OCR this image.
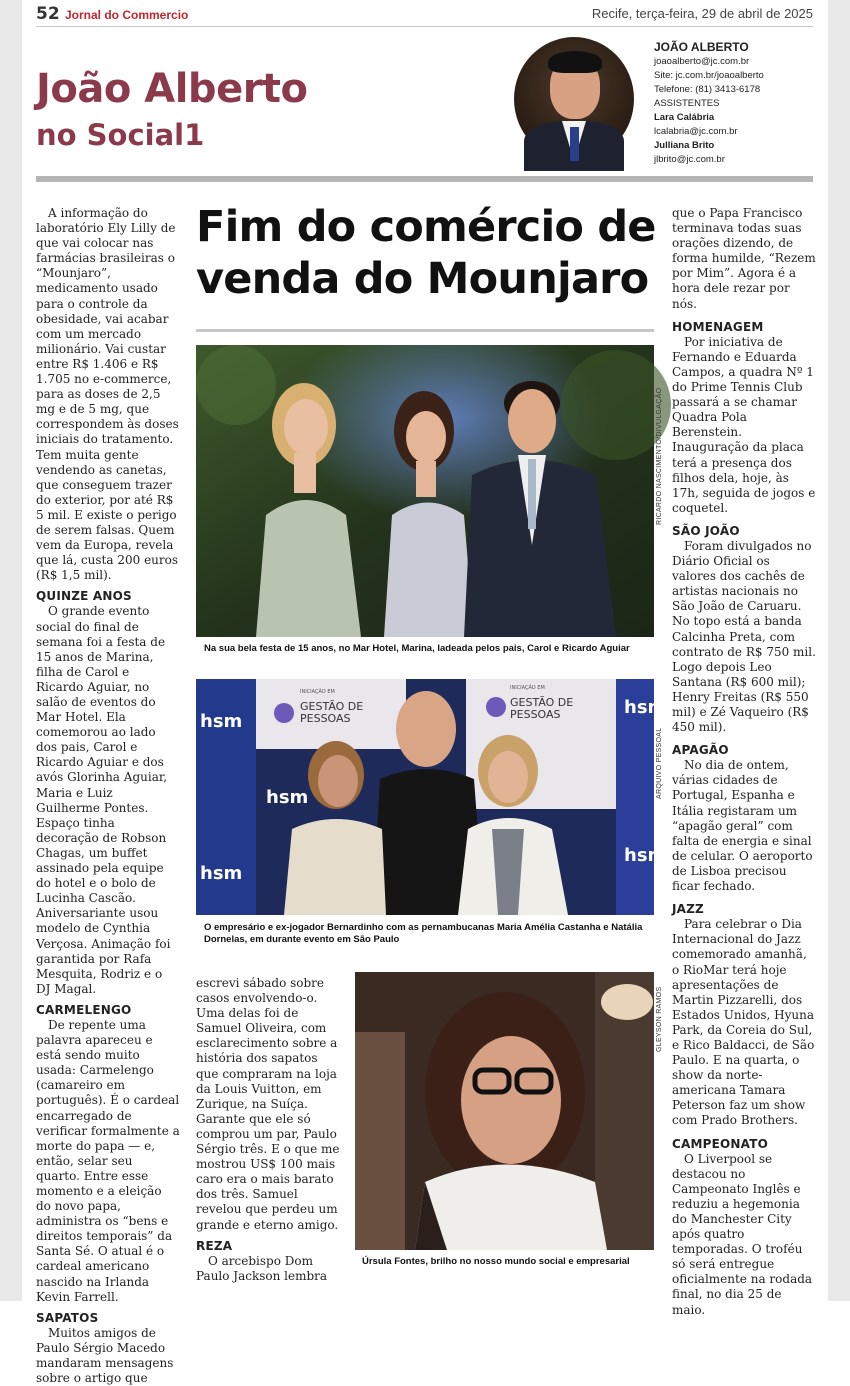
52 Jornal do Commercio	Recife, terça-feira, 29 de abril de 2025
João Alberto
no Social1
JOÃO ALBERTO
joaoalberto@jc.com.br
Site: jc.com.br/joaoalberto
Telefone: (81) 3413-6178
ASSISTENTES
Lara Calábria
lcalabria@jc.com.br
Julliana Brito
jlbrito@jc.com.br

A informação do laboratório Ely Lilly de que vai colocar nas farmácias brasileiras o “Mounjaro”, medicamento usado para o controle da obesidade, vai acabar com um mercado milionário. Vai custar entre R$ 1.406 e R$ 1.705 no e-commerce, para as doses de 2,5 mg e de 5 mg, que correspondem às doses iniciais do tratamento. Tem muita gente vendendo as canetas, que conseguem trazer do exterior, por até R$ 5 mil. E existe o perigo de serem falsas. Quem vem da Europa, revela que lá, custa 200 euros (R$ 1,5 mil).

QUINZE ANOS

O grande evento social do final de semana foi a festa de 15 anos de Marina, filha de Carol e Ricardo Aguiar, no salão de eventos do Mar Hotel. Ela comemorou ao lado dos pais, Carol e Ricardo Aguiar e dos avós Glorinha Aguiar, Maria e Luiz Guilherme Pontes. Espaço tinha decoração de Robson Chagas, um buffet assinado pela equipe do hotel e o bolo de Lucinha Cascão. Aniversariante usou modelo de Cynthia Verçosa. Animação foi garantida por Rafa Mesquita, Rodriz e o DJ Magal.

CARMELENGO

De repente uma palavra apareceu e está sendo muito usada: Carmelengo (camareiro em português). É o cardeal encarregado de verificar formalmente a morte do papa — e, então, selar seu quarto. Entre esse momento e a eleição do novo papa, administra os “bens e direitos temporais” da Santa Sé. O atual é o cardeal americano nascido na Irlanda Kevin Farrell.

SAPATOS

Muitos amigos de Paulo Sérgio Macedo mandaram mensagens sobre o artigo que

Fim do comércio de
venda do Mounjaro
RICARDO NASCIMENTO/DIVULGAÇÃO
Na sua bela festa de 15 anos, no Mar Hotel, Marina, ladeada pelos pais, Carol e Ricardo Aguiar
INICIAÇÃO EM
GESTÃO DE PESSOAS
INICIAÇÃO EM
GESTÃO DE PESSOAS
hsm
hsm
hsm
hsm
hsm
ARQUIVO PESSOAL
O empresário e ex-jogador Bernardinho com as pernambucanas Maria Amélia Castanha e Natália Dornelas, em durante evento em São Paulo

escrevi sábado sobre casos envolvendo-o. Uma delas foi de Samuel Oliveira, com esclarecimento sobre a história dos sapatos que compraram na loja da Louis Vuitton, em Zurique, na Suíça. Garante que ele só comprou um par, Paulo Sérgio três. E o que me mostrou US$ 100 mais caro era o mais barato dos três. Samuel revelou que perdeu um grande e eterno amigo.

REZA

O arcebispo Dom Paulo Jackson lembra

GLEYSON RAMOS
Úrsula Fontes, brilho no nosso mundo social e empresarial

que o Papa Francisco terminava todas suas orações dizendo, de forma humilde, “Rezem por Mim”. Agora é a hora dele rezar por nós.

HOMENAGEM

Por iniciativa de Fernando e Eduarda Campos, a quadra Nº 1 do Prime Tennis Club passará a se chamar Quadra Pola Berenstein. Inauguração da placa terá a presença dos filhos dela, hoje, às 17h, seguida de jogos e coquetel.

SÃO JOÃO

Foram divulgados no Diário Oficial os valores dos cachês de artistas nacionais no São João de Caruaru. No topo está a banda Calcinha Preta, com contrato de R$ 750 mil. Logo depois Leo Santana (R$ 600 mil); Henry Freitas (R$ 550 mil) e Zé Vaqueiro (R$ 450 mil).

APAGÃO

No dia de ontem, várias cidades de Portugal, Espanha e Itália registaram um “apagão geral” com falta de energia e sinal de celular. O aeroporto de Lisboa precisou ficar fechado.

JAZZ

Para celebrar o Dia Internacional do Jazz comemorado amanhã, o RioMar terá hoje apresentações de Martin Pizzarelli, dos Estados Unidos, Hyuna Park, da Coreia do Sul, e Rico Baldacci, de São Paulo. E na quarta, o show da norte-americana Tamara Peterson faz um show com Prado Brothers.

CAMPEONATO

O Liverpool se destacou no Campeonato Inglês e reduziu a hegemonia do Manchester City após quatro temporadas. O troféu só será entregue oficialmente na rodada final, no dia 25 de maio.
